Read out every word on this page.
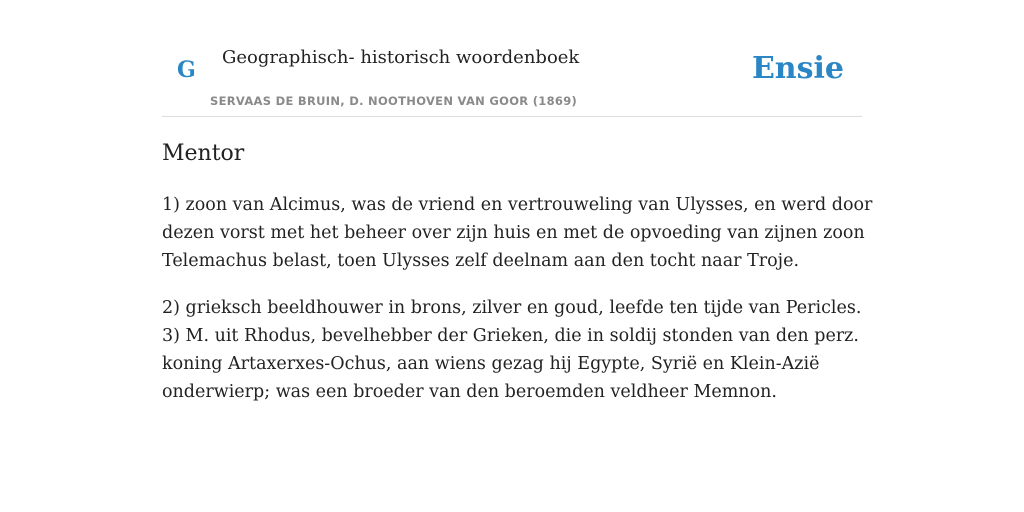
G Geographisch- historisch woordenboek
SERVAAS DE BRUIN, D. NOOTHOVEN VAN GOOR (1869)
Ensie
Mentor

1) zoon van Alcimus, was de vriend en vertrouweling van Ulysses, en werd door
dezen vorst met het beheer over zijn huis en met de opvoeding van zijnen zoon
Telemachus belast, toen Ulysses zelf deelnam aan den tocht naar Troje.

2) grieksch beeldhouwer in brons, zilver en goud, leefde ten tijde van Pericles.
3) M. uit Rhodus, bevelhebber der Grieken, die in soldij stonden van den perz.
koning Artaxerxes-Ochus, aan wiens gezag hij Egypte, Syrië en Klein-Azië
onderwierp; was een broeder van den beroemden veldheer Memnon.
